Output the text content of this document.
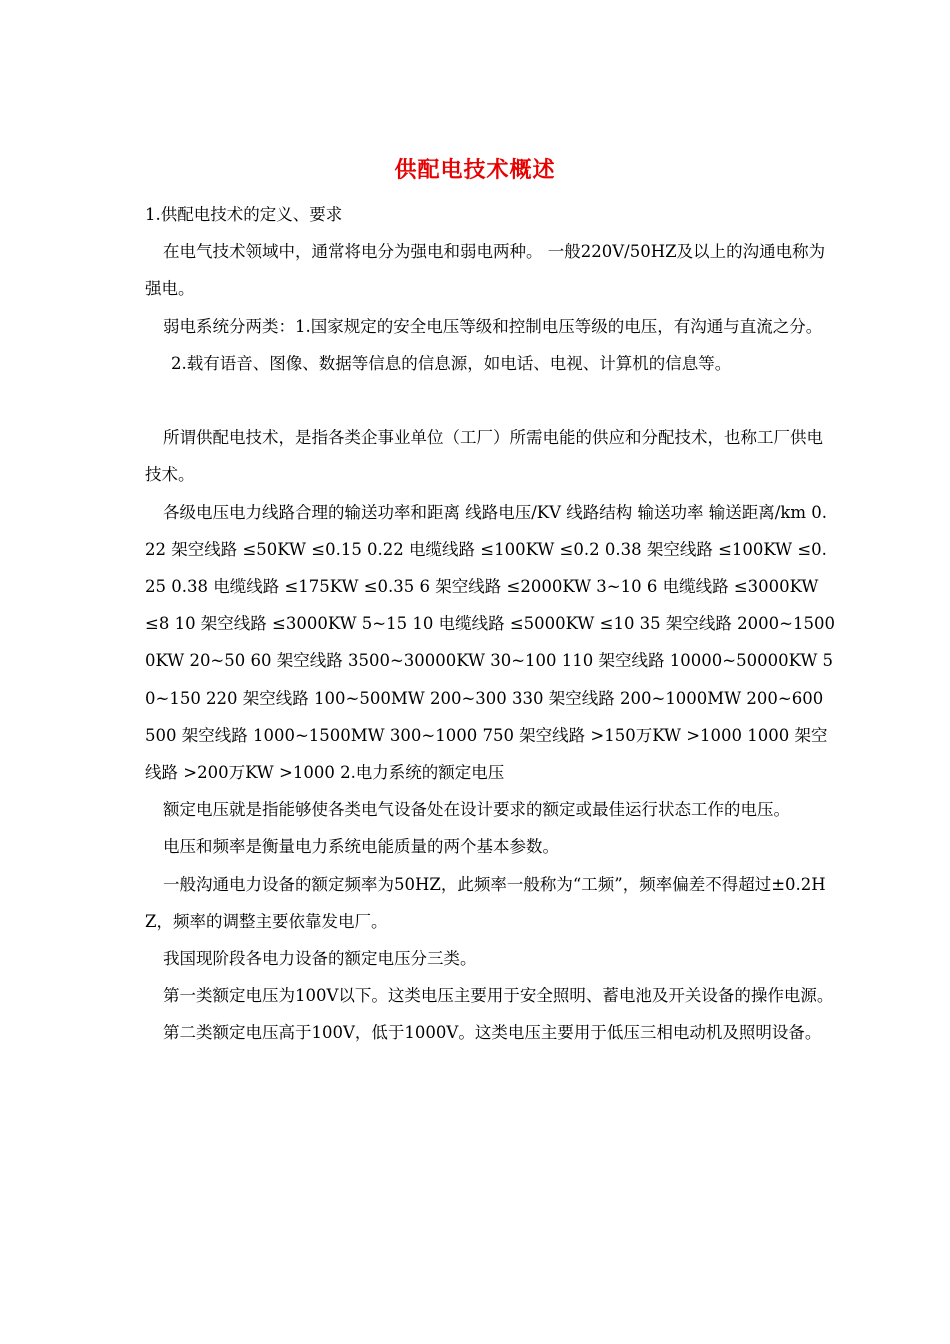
供配电技术概述

1.供配电技术的定义、要求

在电气技术领域中，通常将电分为强电和弱电两种。 一般220V/50HZ及以上的沟通电称为强电。

弱电系统分两类：1.国家规定的安全电压等级和控制电压等级的电压，有沟通与直流之分。

2.载有语音、图像、数据等信息的信息源，如电话、电视、计算机的信息等。

所谓供配电技术，是指各类企事业单位（工厂）所需电能的供应和分配技术，也称工厂供电技术。

各级电压电力线路合理的输送功率和距离 线路电压/KV 线路结构 输送功率 输送距离/km 0.22 架空线路 ≤50KW ≤0.15 0.22 电缆线路 ≤100KW ≤0.2 0.38 架空线路 ≤100KW ≤0.25 0.38 电缆线路 ≤175KW ≤0.35 6 架空线路 ≤2000KW 3~10 6 电缆线路 ≤3000KW ≤8 10 架空线路 ≤3000KW 5~15 10 电缆线路 ≤5000KW ≤10 35 架空线路 2000~15000KW 20~50 60 架空线路 3500~30000KW 30~100 110 架空线路 10000~50000KW 50~150 220 架空线路 100~500MW 200~300 330 架空线路 200~1000MW 200~600 500 架空线路 1000~1500MW 300~1000 750 架空线路 >150万KW >1000 1000 架空线路 >200万KW >1000 2.电力系统的额定电压

额定电压就是指能够使各类电气设备处在设计要求的额定或最佳运行状态工作的电压。

电压和频率是衡量电力系统电能质量的两个基本参数。

一般沟通电力设备的额定频率为50HZ，此频率一般称为“工频”，频率偏差不得超过±0.2HZ，频率的调整主要依靠发电厂。

我国现阶段各电力设备的额定电压分三类。

第一类额定电压为100V以下。这类电压主要用于安全照明、蓄电池及开关设备的操作电源。

第二类额定电压高于100V，低于1000V。这类电压主要用于低压三相电动机及照明设备。
